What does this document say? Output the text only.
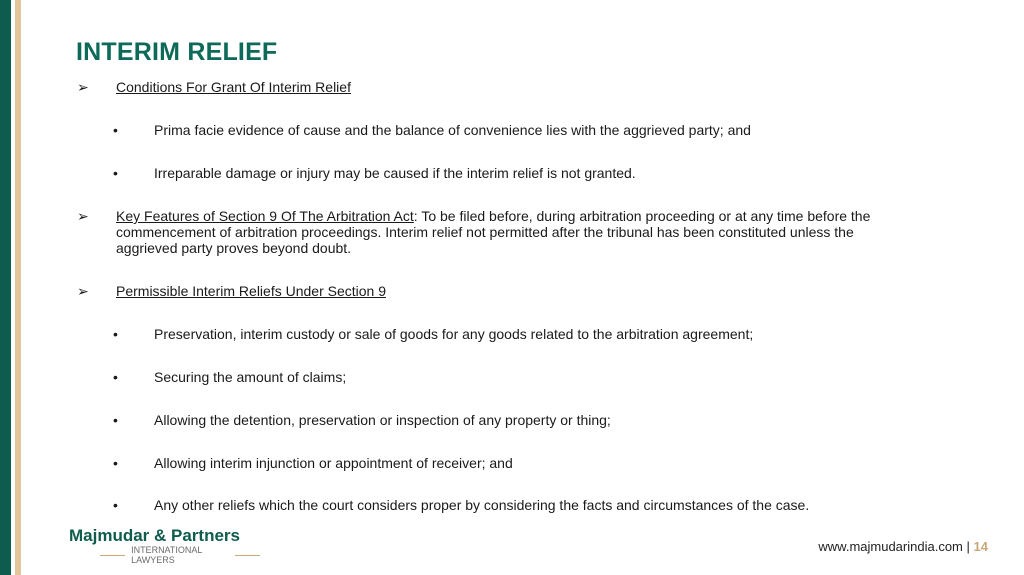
INTERIM RELIEF
➢ Conditions For Grant Of Interim Relief
•	Prima facie evidence of cause and the balance of convenience lies with the aggrieved party; and
•	Irreparable damage or injury may be caused if the interim relief is not granted.
➢ Key Features of Section 9 Of The Arbitration Act: To be filed before, during arbitration proceeding or at any time before the
commencement of arbitration proceedings. Interim relief not permitted after the tribunal has been constituted unless the
aggrieved party proves beyond doubt.
➢ Permissible Interim Reliefs Under Section 9
•	Preservation, interim custody or sale of goods for any goods related to the arbitration agreement;
•	Securing the amount of claims;
•	Allowing the detention, preservation or inspection of any property or thing;
•	Allowing interim injunction or appointment of receiver; and
•	Any other reliefs which the court considers proper by considering the facts and circumstances of the case.
Majmudar & Partners
INTERNATIONAL LAWYERS
www.majmudarindia.com | 14
